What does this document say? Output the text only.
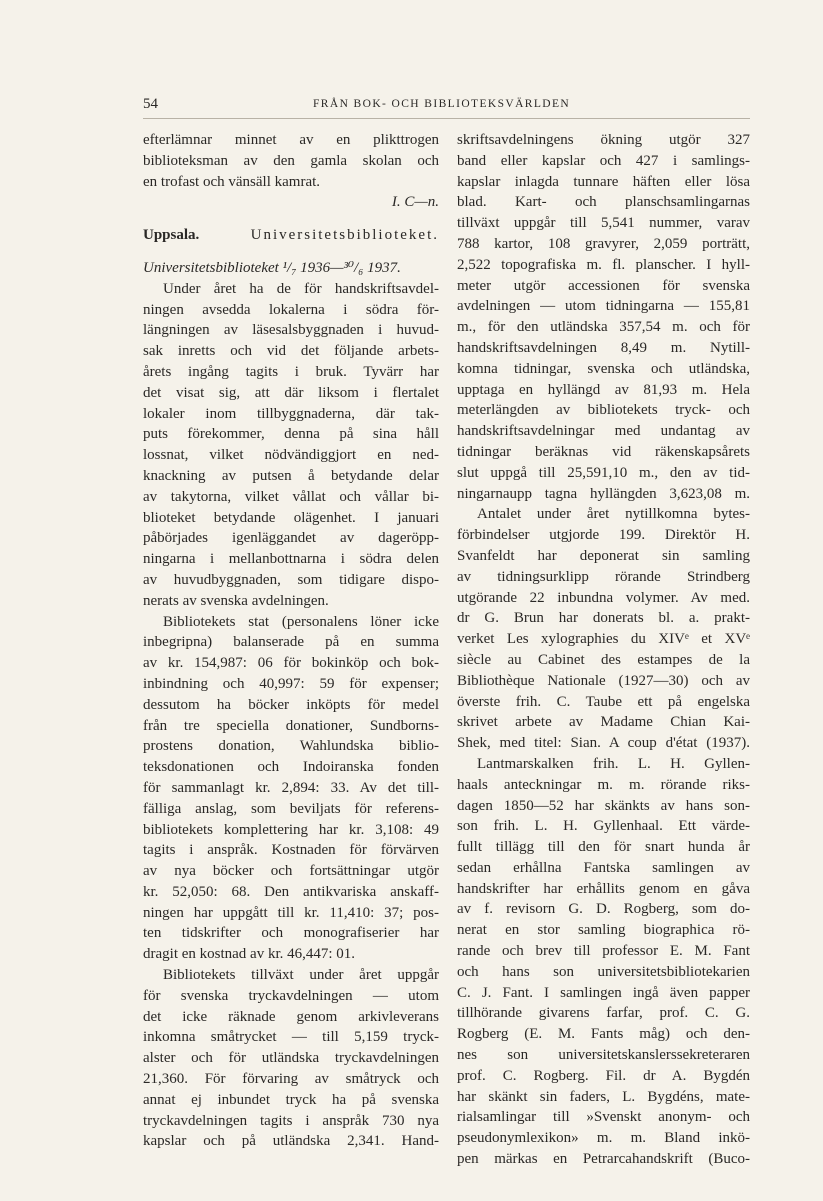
54	FRÅN BOK- OCH BIBLIOTEKSVÄRLDEN
efterlämnar minnet av en plikttrogen
biblioteksman av den gamla skolan och
en trofast och vänsäll kamrat.
I. C—n.
Uppsala.	Universitetsbiblioteket.
Universitetsbiblioteket ¹/₇ 1936—³⁰/₆ 1937.
Under året ha de för handskriftsavdel-
ningen avsedda lokalerna i södra för-
längningen av läsesalsbyggnaden i huvud-
sak inretts och vid det följande arbets-
årets ingång tagits i bruk. Tyvärr har
det visat sig, att där liksom i flertalet
lokaler inom tillbyggnaderna, där tak-
puts förekommer, denna på sina håll
lossnat, vilket nödvändiggjort en ned-
knackning av putsen å betydande delar
av takytorna, vilket vållat och vållar bi-
blioteket betydande olägenhet. I januari
påbörjades igenläggandet av dageröpp-
ningarna i mellanbottnarna i södra delen
av huvudbyggnaden, som tidigare dispo-
nerats av svenska avdelningen.
Bibliotekets stat (personalens löner icke
inbegripna) balanserade på en summa
av kr. 154,987: 06 för bokinköp och bok-
inbindning och 40,997: 59 för expenser;
dessutom ha böcker inköpts för medel
från tre speciella donationer, Sundborns-
prostens donation, Wahlundska biblio-
teksdonationen och Indoiranska fonden
för sammanlagt kr. 2,894: 33. Av det till-
fälliga anslag, som beviljats för referens-
bibliotekets komplettering har kr. 3,108: 49
tagits i anspråk. Kostnaden för förvärven
av nya böcker och fortsättningar utgör
kr. 52,050: 68. Den antikvariska anskaff-
ningen har uppgått till kr. 11,410: 37; pos-
ten tidskrifter och monografiserier har
dragit en kostnad av kr. 46,447: 01.
Bibliotekets tillväxt under året uppgår
för svenska tryckavdelningen — utom
det icke räknade genom arkivleverans
inkomna småtrycket — till 5,159 tryck-
alster och för utländska tryckavdelningen
21,360. För förvaring av småtryck och
annat ej inbundet tryck ha på svenska
tryckavdelningen tagits i anspråk 730 nya
kapslar och på utländska 2,341. Hand-
skriftsavdelningens ökning utgör 327
band eller kapslar och 427 i samlings-
kapslar inlagda tunnare häften eller lösa
blad. Kart- och planschsamlingarnas
tillväxt uppgår till 5,541 nummer, varav
788 kartor, 108 gravyrer, 2,059 porträtt,
2,522 topografiska m. fl. planscher. I hyll-
meter utgör accessionen för svenska
avdelningen — utom tidningarna — 155,81
m., för den utländska 357,54 m. och för
handskriftsavdelningen 8,49 m. Nytill-
komna tidningar, svenska och utländska,
upptaga en hyllängd av 81,93 m. Hela
meterlängden av bibliotekets tryck- och
handskriftsavdelningar med undantag av
tidningar beräknas vid räkenskapsårets
slut uppgå till 25,591,10 m., den av tid-
ningarnaupp tagna hyllängden 3,623,08 m.
Antalet under året nytillkomna bytes-
förbindelser utgjorde 199. Direktör H.
Svanfeldt har deponerat sin samling
av tidningsurklipp rörande Strindberg
utgörande 22 inbundna volymer. Av med.
dr G. Brun har donerats bl. a. prakt-
verket Les xylographies du XIVᵉ et XVᵉ
siècle au Cabinet des estampes de la
Bibliothèque Nationale (1927—30) och av
överste frih. C. Taube ett på engelska
skrivet arbete av Madame Chian Kai-
Shek, med titel: Sian. A coup d'état (1937).
Lantmarskalken frih. L. H. Gyllen-
haals anteckningar m. m. rörande riks-
dagen 1850—52 har skänkts av hans son-
son frih. L. H. Gyllenhaal. Ett värde-
fullt tillägg till den för snart hunda år
sedan erhållna Fantska samlingen av
handskrifter har erhållits genom en gåva
av f. revisorn G. D. Rogberg, som do-
nerat en stor samling biographica rö-
rande och brev till professor E. M. Fant
och hans son universitetsbibliotekarien
C. J. Fant. I samlingen ingå även papper
tillhörande givarens farfar, prof. C. G.
Rogberg (E. M. Fants måg) och den-
nes son universitetskanslerssekreteraren
prof. C. Rogberg. Fil. dr A. Bygdén
har skänkt sin faders, L. Bygdéns, mate-
rialsamlingar till »Svenskt anonym- och
pseudonymlexikon» m. m. Bland inkö-
pen märkas en Petrarcahandskrift (Buco-
